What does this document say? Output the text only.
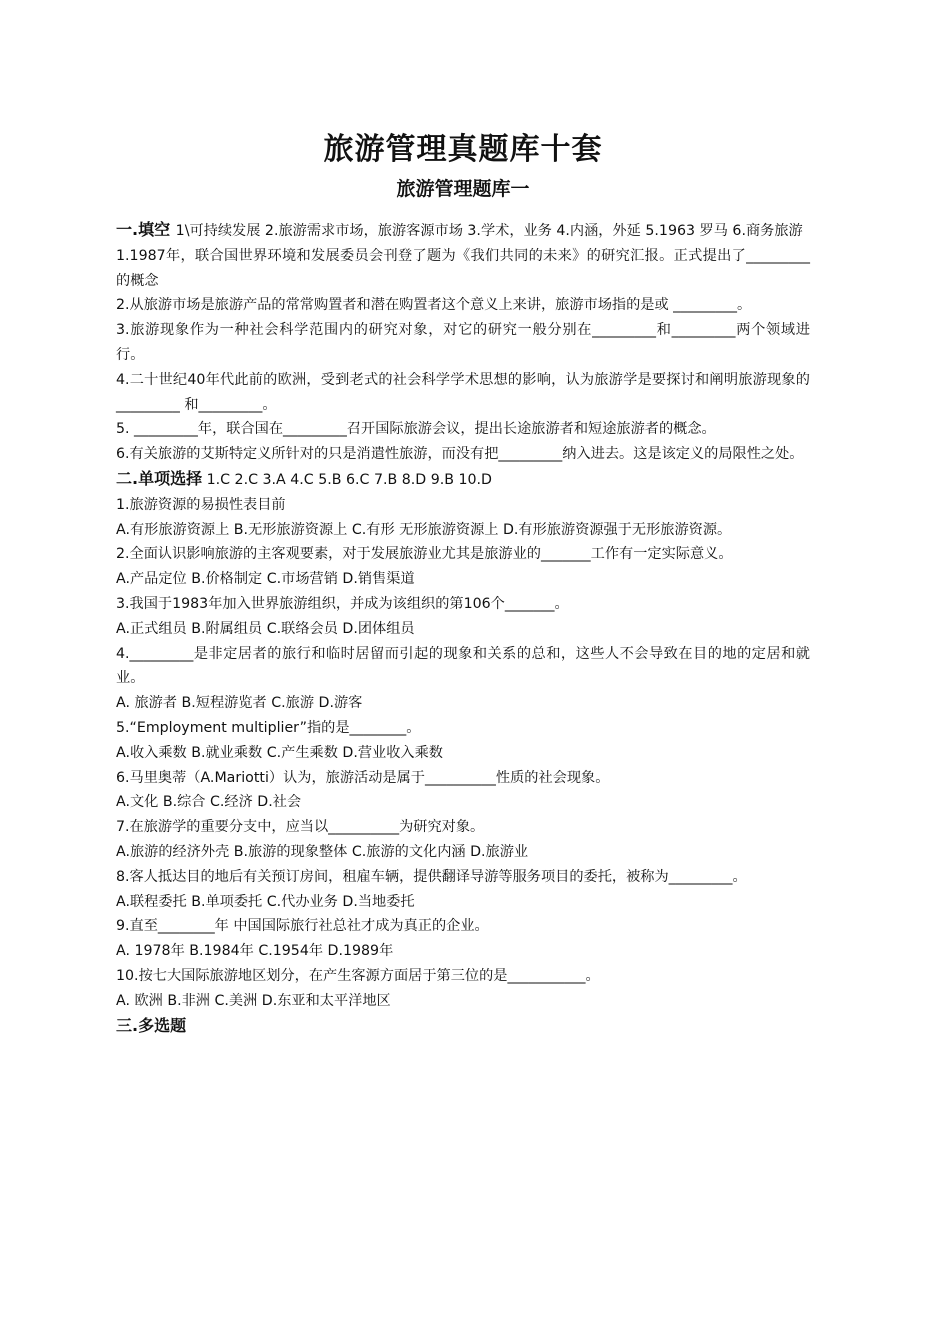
旅游管理真题库十套
旅游管理题库一
一.填空 1\可持续发展 2.旅游需求市场，旅游客源市场 3.学术，业务 4.内涵，外延 5.1963 罗马 6.商务旅游
1.1987年，联合国世界环境和发展委员会刊登了题为《我们共同的未来》的研究汇报。正式提出了_________的概念
2.从旅游市场是旅游产品的常常购置者和潜在购置者这个意义上来讲，旅游市场指的是或 _________。
3.旅游现象作为一种社会科学范围内的研究对象，对它的研究一般分别在_________和_________两个领域进行。
4.二十世纪40年代此前的欧洲，受到老式的社会科学学术思想的影响，认为旅游学是要探讨和阐明旅游现象的_________ 和_________。
5. _________年，联合国在_________召开国际旅游会议，提出长途旅游者和短途旅游者的概念。
6.有关旅游的艾斯特定义所针对的只是消遣性旅游，而没有把_________纳入进去。这是该定义的局限性之处。
二.单项选择 1.C 2.C 3.A 4.C 5.B 6.C 7.B 8.D 9.B 10.D
1.旅游资源的易损性表目前
A.有形旅游资源上 B.无形旅游资源上 C.有形 无形旅游资源上 D.有形旅游资源强于无形旅游资源。
2.全面认识影响旅游的主客观要素，对于发展旅游业尤其是旅游业的_______工作有一定实际意义。
A.产品定位 B.价格制定 C.市场营销 D.销售渠道
3.我国于1983年加入世界旅游组织，并成为该组织的第106个_______。
A.正式组员 B.附属组员 C.联络会员 D.团体组员
4._________是非定居者的旅行和临时居留而引起的现象和关系的总和，这些人不会导致在目的地的定居和就业。
A. 旅游者 B.短程游览者 C.旅游 D.游客
5.“Employment multiplier”指的是________。
A.收入乘数 B.就业乘数 C.产生乘数 D.营业收入乘数
6.马里奥蒂（A.Mariotti）认为，旅游活动是属于__________性质的社会现象。
A.文化 B.综合 C.经济 D.社会
7.在旅游学的重要分支中，应当以__________为研究对象。
A.旅游的经济外壳 B.旅游的现象整体 C.旅游的文化内涵 D.旅游业
8.客人抵达目的地后有关预订房间，租雇车辆，提供翻译导游等服务项目的委托，被称为_________。
A.联程委托 B.单项委托 C.代办业务 D.当地委托
9.直至________年 中国国际旅行社总社才成为真正的企业。
A. 1978年 B.1984年 C.1954年 D.1989年
10.按七大国际旅游地区划分，在产生客源方面居于第三位的是___________。
A. 欧洲 B.非洲 C.美洲 D.东亚和太平洋地区
三.多选题
